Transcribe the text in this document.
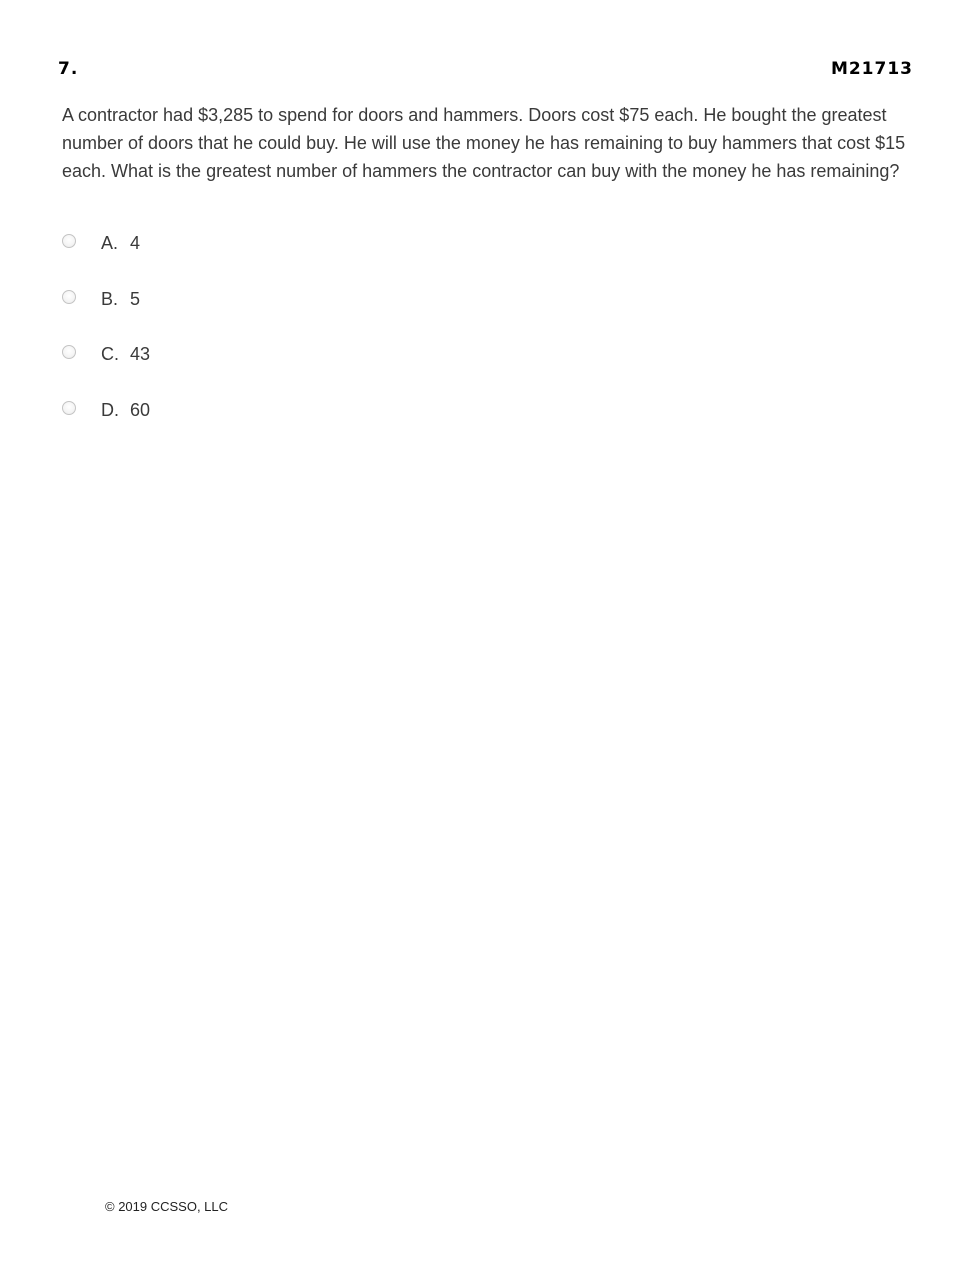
7.	M21713
A contractor had $3,285 to spend for doors and hammers. Doors cost $75 each. He bought the greatest number of doors that he could buy. He will use the money he has remaining to buy hammers that cost $15 each. What is the greatest number of hammers the contractor can buy with the money he has remaining?
A. 4
B. 5
C. 43
D. 60
© 2019 CCSSO, LLC
